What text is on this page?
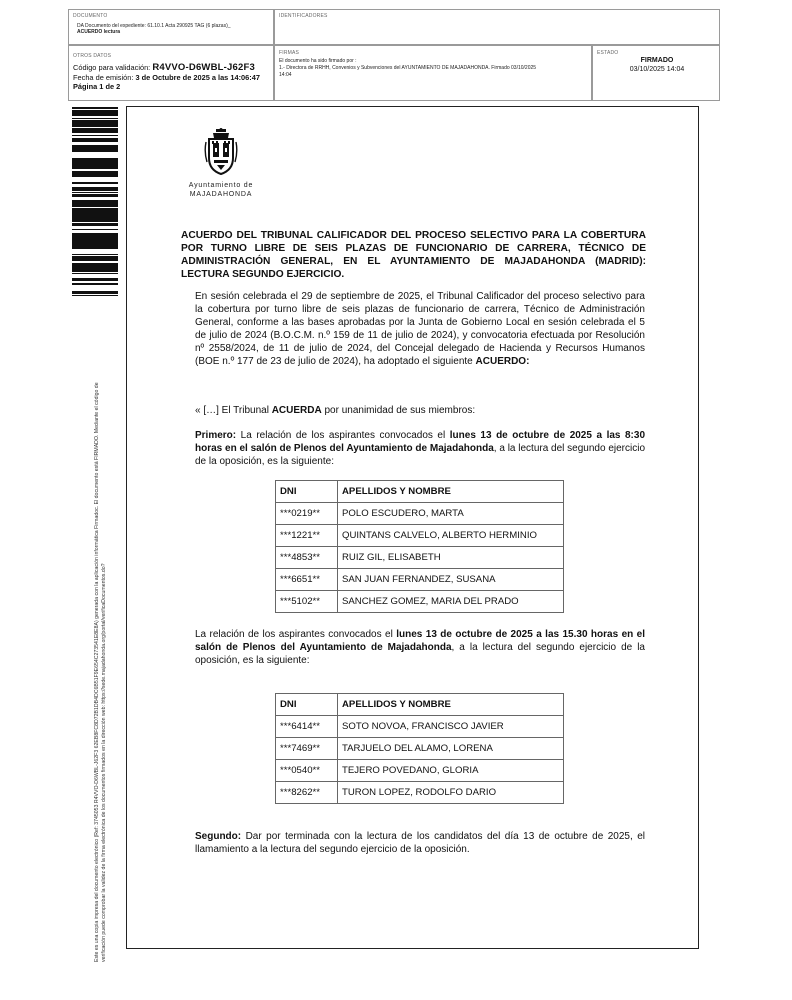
DOCUMENTO
DA Documento del expediente: 61.10.1 Acta 290925 TAG (6 plazas)_
ACUERDO lectura
IDENTIFICADORES
OTROS DATOS
Código para validación: R4VVO-D6WBL-J62F3
Fecha de emisión: 3 de Octubre de 2025 a las 14:06:47
Página 1 de 2
FIRMAS
El documento ha sido firmado por :
1.- Directora de RRHH, Convenios y Subvenciones del AYUNTAMIENTO DE MAJADAHONDA. Firmado 03/10/2025
14:04
ESTADO
FIRMADO
03/10/2025 14:04
Este es una copia impresa del documento electrónico (Ref: 3745053 R4VVO-D6WBL-J62F3 62EB8FC8D72B1DB4DC6B51F9E654C273541E8E8A) generada con la aplicación informática Firmadoc. El documento está FIRMADO. Mediante el código de verificación puede comprobar la validez de la firma electrónica de los documentos firmados en la dirección web: https://sede.majadahonda.org/portal/verificaDocumentos.do?
Ayuntamiento de
MAJADAHONDA
ACUERDO DEL TRIBUNAL CALIFICADOR DEL PROCESO SELECTIVO PARA LA COBERTURA POR TURNO LIBRE DE SEIS PLAZAS DE FUNCIONARIO DE CARRERA, TÉCNICO DE ADMINISTRACIÓN GENERAL, EN EL AYUNTAMIENTO DE MAJADAHONDA (MADRID): LECTURA SEGUNDO EJERCICIO.
En sesión celebrada el 29 de septiembre de 2025, el Tribunal Calificador del proceso selectivo para la cobertura por turno libre de seis plazas de funcionario de carrera, Técnico de Administración General, conforme a las bases aprobadas por la Junta de Gobierno Local en sesión celebrada el 5 de julio de 2024 (B.O.C.M. n.º 159 de 11 de julio de 2024), y convocatoria efectuada por Resolución nº 2558/2024, de 11 de julio de 2024, del Concejal delegado de Hacienda y Recursos Humanos (BOE n.º 177 de 23 de julio de 2024), ha adoptado el siguiente ACUERDO:
« […] El Tribunal ACUERDA por unanimidad de sus miembros:
Primero: La relación de los aspirantes convocados el lunes 13 de octubre de 2025 a las 8:30 horas en el salón de Plenos del Ayuntamiento de Majadahonda, a la lectura del segundo ejercicio de la oposición, es la siguiente:
DNI	APELLIDOS Y NOMBRE
***0219**	POLO ESCUDERO, MARTA
***1221**	QUINTANS CALVELO, ALBERTO HERMINIO
***4853**	RUIZ GIL, ELISABETH
***6651**	SAN JUAN FERNANDEZ, SUSANA
***5102**	SANCHEZ GOMEZ, MARIA DEL PRADO
La relación de los aspirantes convocados el lunes 13 de octubre de 2025 a las 15.30 horas en el salón de Plenos del Ayuntamiento de Majadahonda, a la lectura del segundo ejercicio de la oposición, es la siguiente:
DNI	APELLIDOS Y NOMBRE
***6414**	SOTO NOVOA, FRANCISCO JAVIER
***7469**	TARJUELO DEL ALAMO, LORENA
***0540**	TEJERO POVEDANO, GLORIA
***8262**	TURON LOPEZ, RODOLFO DARIO
Segundo: Dar por terminada con la lectura de los candidatos del día 13 de octubre de 2025, el llamamiento a la lectura del segundo ejercicio de la oposición.
